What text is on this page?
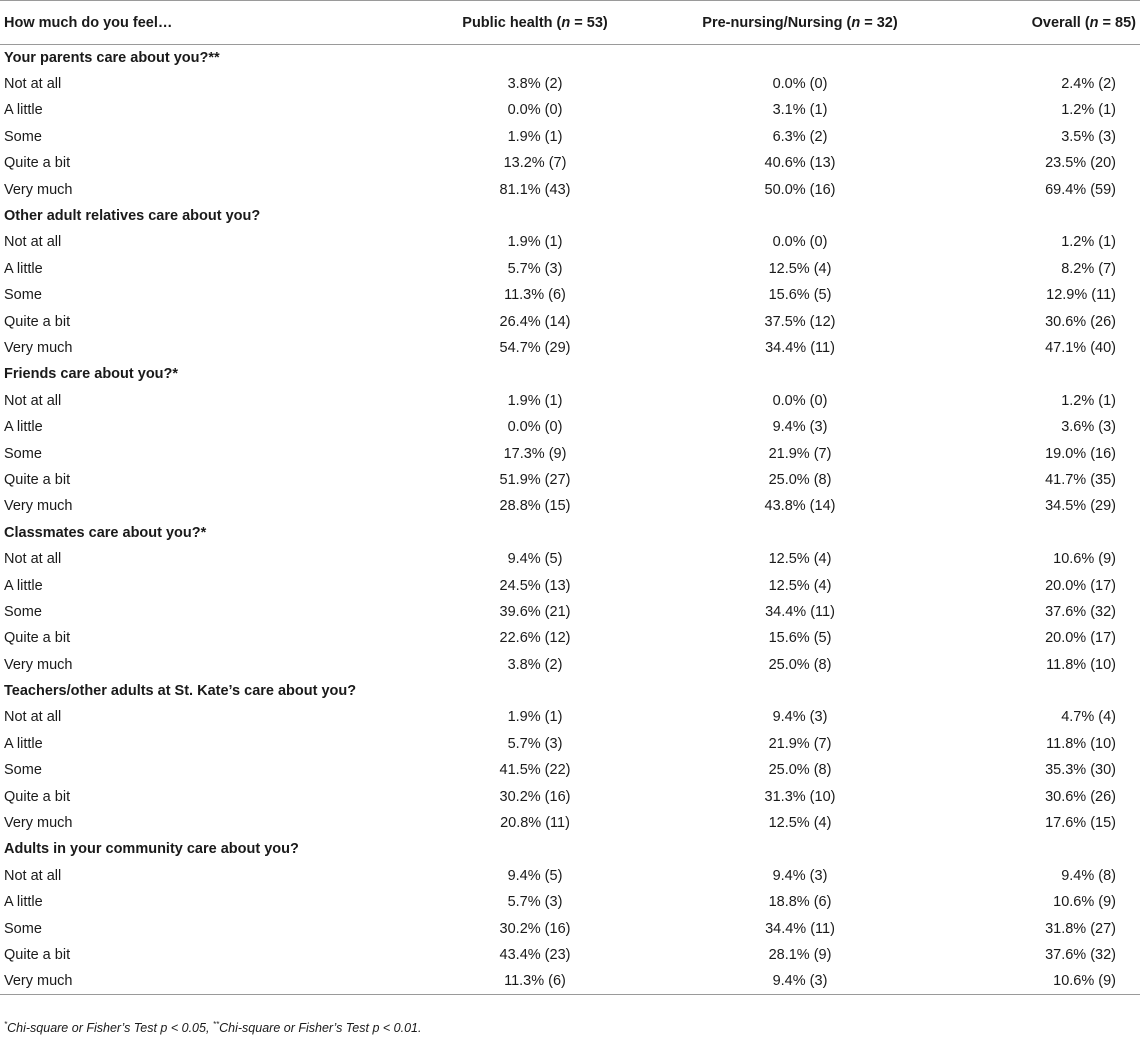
How much do you feel…	Public health (n = 53)	Pre-nursing/Nursing (n = 32)	Overall (n = 85)
Your parents care about you?**			
Not at all	3.8% (2)	0.0% (0)	2.4% (2)
A little	0.0% (0)	3.1% (1)	1.2% (1)
Some	1.9% (1)	6.3% (2)	3.5% (3)
Quite a bit	13.2% (7)	40.6% (13)	23.5% (20)
Very much	81.1% (43)	50.0% (16)	69.4% (59)
Other adult relatives care about you?			
Not at all	1.9% (1)	0.0% (0)	1.2% (1)
A little	5.7% (3)	12.5% (4)	8.2% (7)
Some	11.3% (6)	15.6% (5)	12.9% (11)
Quite a bit	26.4% (14)	37.5% (12)	30.6% (26)
Very much	54.7% (29)	34.4% (11)	47.1% (40)
Friends care about you?*			
Not at all	1.9% (1)	0.0% (0)	1.2% (1)
A little	0.0% (0)	9.4% (3)	3.6% (3)
Some	17.3% (9)	21.9% (7)	19.0% (16)
Quite a bit	51.9% (27)	25.0% (8)	41.7% (35)
Very much	28.8% (15)	43.8% (14)	34.5% (29)
Classmates care about you?*			
Not at all	9.4% (5)	12.5% (4)	10.6% (9)
A little	24.5% (13)	12.5% (4)	20.0% (17)
Some	39.6% (21)	34.4% (11)	37.6% (32)
Quite a bit	22.6% (12)	15.6% (5)	20.0% (17)
Very much	3.8% (2)	25.0% (8)	11.8% (10)
Teachers/other adults at St. Kate’s care about you?			
Not at all	1.9% (1)	9.4% (3)	4.7% (4)
A little	5.7% (3)	21.9% (7)	11.8% (10)
Some	41.5% (22)	25.0% (8)	35.3% (30)
Quite a bit	30.2% (16)	31.3% (10)	30.6% (26)
Very much	20.8% (11)	12.5% (4)	17.6% (15)
Adults in your community care about you?			
Not at all	9.4% (5)	9.4% (3)	9.4% (8)
A little	5.7% (3)	18.8% (6)	10.6% (9)
Some	30.2% (16)	34.4% (11)	31.8% (27)
Quite a bit	43.4% (23)	28.1% (9)	37.6% (32)
Very much	11.3% (6)	9.4% (3)	10.6% (9)
*Chi-square or Fisher’s Test p < 0.05, **Chi-square or Fisher’s Test p < 0.01.
